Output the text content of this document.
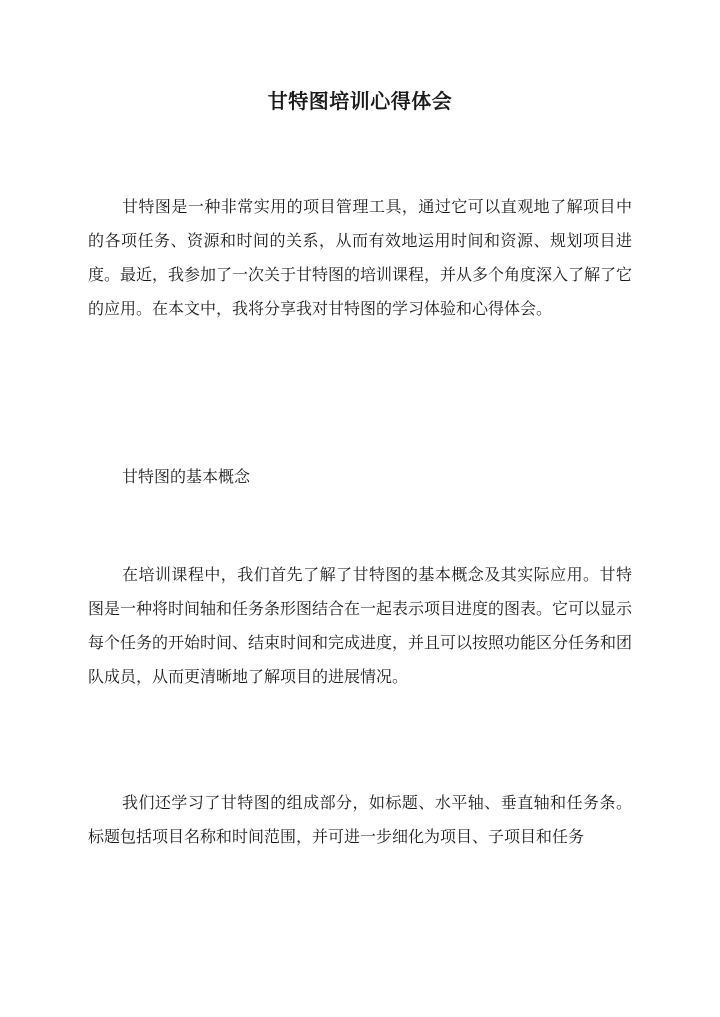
甘特图培训心得体会

甘特图是一种非常实用的项目管理工具，通过它可以直观地了解项目中的各项任务、资源和时间的关系，从而有效地运用时间和资源、规划项目进度。最近，我参加了一次关于甘特图的培训课程，并从多个角度深入了解了它的应用。在本文中，我将分享我对甘特图的学习体验和心得体会。

甘特图的基本概念

在培训课程中，我们首先了解了甘特图的基本概念及其实际应用。甘特图是一种将时间轴和任务条形图结合在一起表示项目进度的图表。它可以显示每个任务的开始时间、结束时间和完成进度，并且可以按照功能区分任务和团队成员，从而更清晰地了解项目的进展情况。

我们还学习了甘特图的组成部分，如标题、水平轴、垂直轴和任务条。标题包括项目名称和时间范围，并可进一步细化为项目、子项目和任务
